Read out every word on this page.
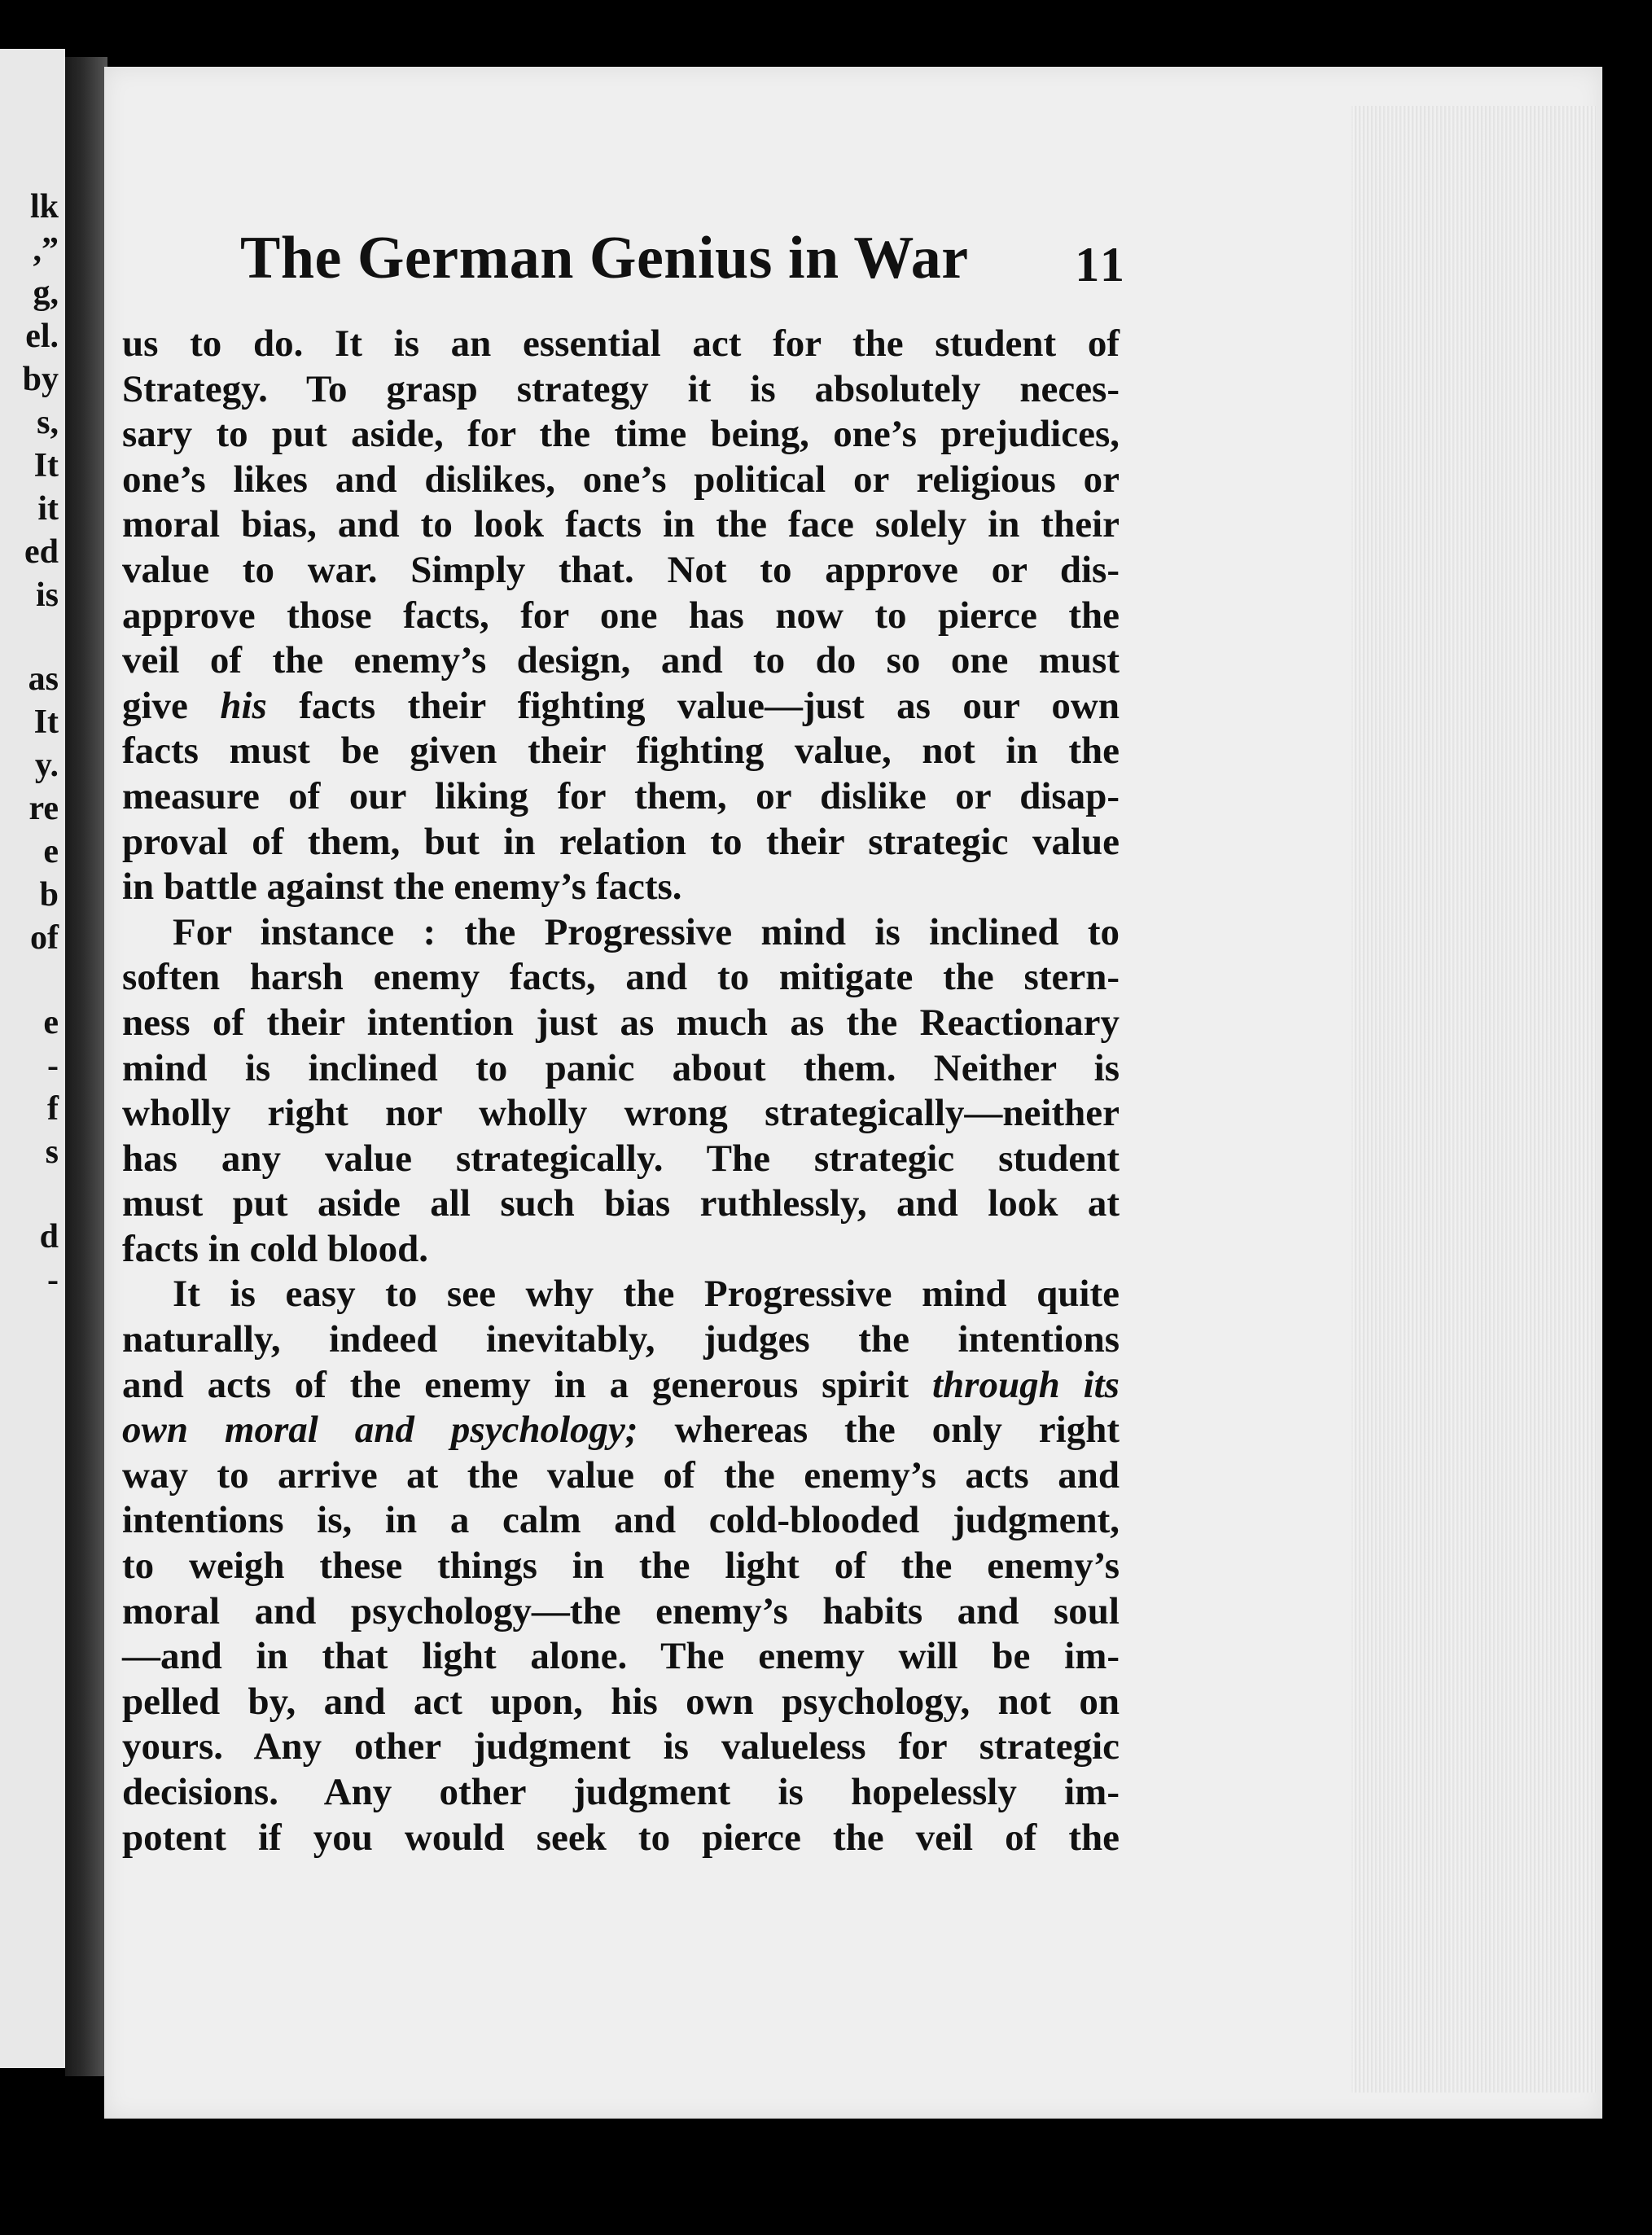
lk
,”
g,
el.
by
s,
It
it
ed
is
as
It
y.
re
e
b
of
e
-
f
s
d
-
The German Genius in War 11
us to do. It is an essential act for the student of
Strategy. To grasp strategy it is absolutely neces-
sary to put aside, for the time being, one’s prejudices,
one’s likes and dislikes, one’s political or religious or
moral bias, and to look facts in the face solely in their
value to war. Simply that. Not to approve or dis-
approve those facts, for one has now to pierce the
veil of the enemy’s design, and to do so one must
give his facts their fighting value—just as our own
facts must be given their fighting value, not in the
measure of our liking for them, or dislike or disap-
proval of them, but in relation to their strategic value
in battle against the enemy’s facts.
For instance : the Progressive mind is inclined to
soften harsh enemy facts, and to mitigate the stern-
ness of their intention just as much as the Reactionary
mind is inclined to panic about them. Neither is
wholly right nor wholly wrong strategically—neither
has any value strategically. The strategic student
must put aside all such bias ruthlessly, and look at
facts in cold blood.
It is easy to see why the Progressive mind quite
naturally, indeed inevitably, judges the intentions
and acts of the enemy in a generous spirit through its
own moral and psychology; whereas the only right
way to arrive at the value of the enemy’s acts and
intentions is, in a calm and cold-blooded judgment,
to weigh these things in the light of the enemy’s
moral and psychology—the enemy’s habits and soul
—and in that light alone. The enemy will be im-
pelled by, and act upon, his own psychology, not on
yours. Any other judgment is valueless for strategic
decisions. Any other judgment is hopelessly im-
potent if you would seek to pierce the veil of the
